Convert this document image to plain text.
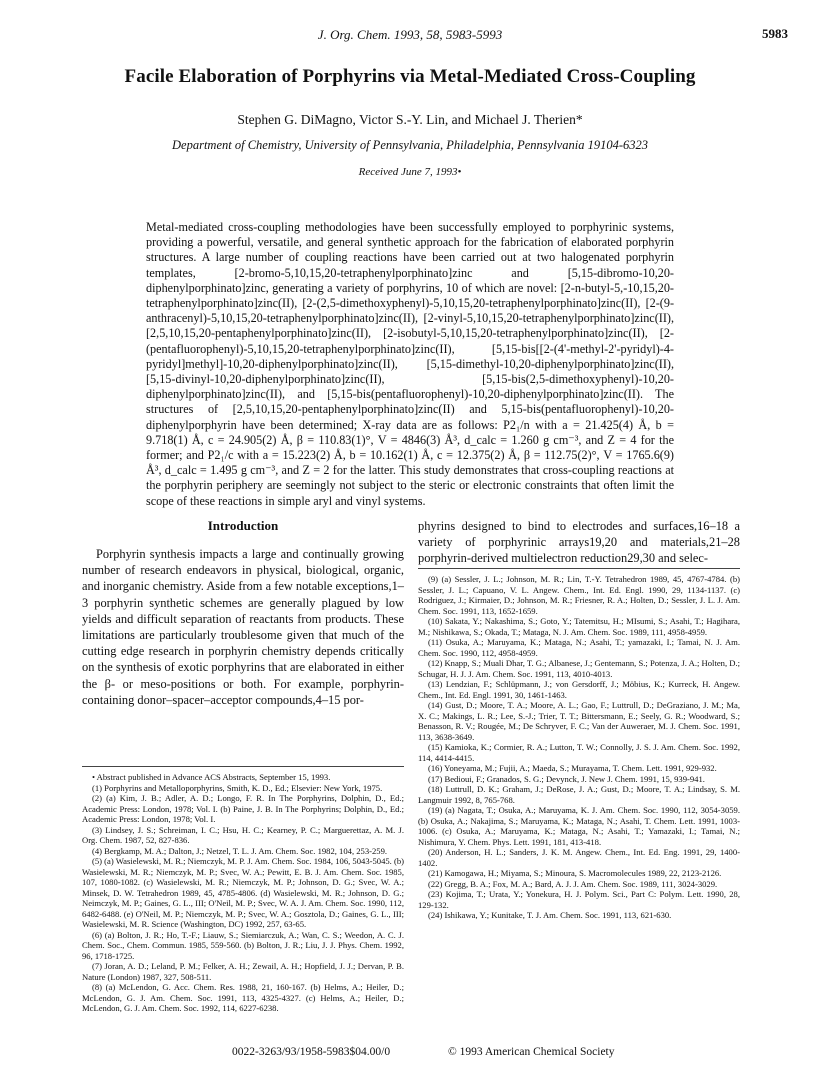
J. Org. Chem. 1993, 58, 5983-5993	5983
Facile Elaboration of Porphyrins via Metal-Mediated Cross-Coupling
Stephen G. DiMagno, Victor S.-Y. Lin, and Michael J. Therien*
Department of Chemistry, University of Pennsylvania, Philadelphia, Pennsylvania 19104-6323
Received June 7, 1993•
Metal-mediated cross-coupling methodologies have been successfully employed to porphyrinic systems, providing a powerful, versatile, and general synthetic approach for the fabrication of elaborated porphyrin structures. A large number of coupling reactions have been carried out at two halogenated porphyrin templates, [2-bromo-5,10,15,20-tetraphenylporphinato]zinc and [5,15-dibromo-10,20-diphenylporphinato]zinc, generating a variety of porphyrins, 10 of which are novel: [2-n-butyl-5,-10,15,20-tetraphenylporphinato]zinc(II), [2-(2,5-dimethoxyphenyl)-5,10,15,20-tetraphenylporphinato]zinc(II), [2-(9-anthracenyl)-5,10,15,20-tetraphenylporphinato]zinc(II), [2-vinyl-5,10,15,20-tetraphenylporphinato]zinc(II), [2,5,10,15,20-pentaphenylporphinato]zinc(II), [2-isobutyl-5,10,15,20-tetraphenylporphinato]zinc(II), [2-(pentafluorophenyl)-5,10,15,20-tetraphenylporphinato]zinc(II), [5,15-bis[[2-(4'-methyl-2'-pyridyl)-4-pyridyl]methyl]-10,20-diphenylporphinato]zinc(II), [5,15-dimethyl-10,20-diphenylporphinato]zinc(II), [5,15-divinyl-10,20-diphenylporphinato]zinc(II), [5,15-bis(2,5-dimethoxyphenyl)-10,20-diphenylporphinato]zinc(II), and [5,15-bis(pentafluorophenyl)-10,20-diphenylporphinato]zinc(II). The structures of [2,5,10,15,20-pentaphenylporphinato]zinc(II) and 5,15-bis(pentafluorophenyl)-10,20-diphenylporphyrin have been determined; X-ray data are as follows: P2₁/n with a = 21.425(4) Å, b = 9.718(1) Å, c = 24.905(2) Å, β = 110.83(1)°, V = 4846(3) Å³, d_calc = 1.260 g cm⁻³, and Z = 4 for the former; and P2₁/c with a = 15.223(2) Å, b = 10.162(1) Å, c = 12.375(2) Å, β = 112.75(2)°, V = 1765.6(9) Å³, d_calc = 1.495 g cm⁻³, and Z = 2 for the latter. This study demonstrates that cross-coupling reactions at the porphyrin periphery are seemingly not subject to the steric or electronic constraints that often limit the scope of these reactions in simple aryl and vinyl systems.
Introduction

Porphyrin synthesis impacts a large and continually growing number of research endeavors in physical, biological, organic, and inorganic chemistry. Aside from a few notable exceptions,1–3 porphyrin synthetic schemes are generally plagued by low yields and difficult separation of reactants from products. These limitations are particularly troublesome given that much of the cutting edge research in porphyrin chemistry depends critically on the synthesis of exotic porphyrins that are elaborated in either the β- or meso-positions or both. For example, porphyrin-containing donor–spacer–acceptor compounds,4–15 por-

• Abstract published in Advance ACS Abstracts, September 15, 1993.

(1) Porphyrins and Metalloporphyrins, Smith, K. D., Ed.; Elsevier: New York, 1975.

(2) (a) Kim, J. B.; Adler, A. D.; Longo, F. R. In The Porphyrins, Dolphin, D., Ed.; Academic Press: London, 1978; Vol. I. (b) Paine, J. B. In The Porphyrins; Dolphin, D., Ed.; Academic Press: London, 1978; Vol. I.

(3) Lindsey, J. S.; Schreiman, I. C.; Hsu, H. C.; Kearney, P. C.; Marguerettaz, A. M. J. Org. Chem. 1987, 52, 827-836.

(4) Bergkamp, M. A.; Dalton, J.; Netzel, T. L. J. Am. Chem. Soc. 1982, 104, 253-259.

(5) (a) Wasielewski, M. R.; Niemczyk, M. P. J. Am. Chem. Soc. 1984, 106, 5043-5045. (b) Wasielewski, M. R.; Niemczyk, M. P.; Svec, W. A.; Pewitt, E. B. J. Am. Chem. Soc. 1985, 107, 1080-1082. (c) Wasielewski, M. R.; Niemczyk, M. P.; Johnson, D. G.; Svec, W. A.; Minsek, D. W. Tetrahedron 1989, 45, 4785-4806. (d) Wasielewski, M. R.; Johnson, D. G.; Neimczyk, M. P.; Gaines, G. L., III; O'Neil, M. P.; Svec, W. A. J. Am. Chem. Soc. 1990, 112, 6482-6488. (e) O'Neil, M. P.; Niemczyk, M. P.; Svec, W. A.; Gosztola, D.; Gaines, G. L., III; Wasielewski, M. R. Science (Washington, DC) 1992, 257, 63-65.

(6) (a) Bolton, J. R.; Ho, T.-F.; Liauw, S.; Siemiarczuk, A.; Wan, C. S.; Weedon, A. C. J. Chem. Soc., Chem. Commun. 1985, 559-560. (b) Bolton, J. R.; Liu, J. J. Phys. Chem. 1992, 96, 1718-1725.

(7) Joran, A. D.; Leland, P. M.; Felker, A. H.; Zewail, A. H.; Hopfield, J. J.; Dervan, P. B. Nature (London) 1987, 327, 508-511.

(8) (a) McLendon, G. Acc. Chem. Res. 1988, 21, 160-167. (b) Helms, A.; Heiler, D.; McLendon, G. J. Am. Chem. Soc. 1991, 113, 4325-4327. (c) Helms, A.; Heiler, D.; McLendon, G. J. Am. Chem. Soc. 1992, 114, 6227-6238.

phyrins designed to bind to electrodes and surfaces,16–18 a variety of porphyrinic arrays19,20 and materials,21–28 porphyrin-derived multielectron reduction29,30 and selec-

(9) (a) Sessler, J. L.; Johnson, M. R.; Lin, T.-Y. Tetrahedron 1989, 45, 4767-4784. (b) Sessler, J. L.; Capuano, V. L. Angew. Chem., Int. Ed. Engl. 1990, 29, 1134-1137. (c) Rodriguez, J.; Kirmaier, D.; Johnson, M. R.; Friesner, R. A.; Holten, D.; Sessler, J. L. J. Am. Chem. Soc. 1991, 113, 1652-1659.

(10) Sakata, Y.; Nakashima, S.; Goto, Y.; Tatemitsu, H.; MIsumi, S.; Asahi, T.; Hagihara, M.; Nishikawa, S.; Okada, T.; Mataga, N. J. Am. Chem. Soc. 1989, 111, 4958-4959.

(11) Osuka, A.; Maruyama, K.; Mataga, N.; Asahi, T.; yamazaki, I.; Tamai, N. J. Am. Chem. Soc. 1990, 112, 4958-4959.

(12) Knapp, S.; Muali Dhar, T. G.; Albanese, J.; Gentemann, S.; Potenza, J. A.; Holten, D.; Schugar, H. J. J. Am. Chem. Soc. 1991, 113, 4010-4013.

(13) Lendzian, F.; Schlüpmann, J.; von Gersdorff, J.; Möbius, K.; Kurreck, H. Angew. Chem., Int. Ed. Engl. 1991, 30, 1461-1463.

(14) Gust, D.; Moore, T. A.; Moore, A. L.; Gao, F.; Luttrull, D.; DeGraziano, J. M.; Ma, X. C.; Makings, L. R.; Lee, S.-J.; Trier, T. T.; Bittersmann, E.; Seely, G. R.; Woodward, S.; Benasson, R. V.; Rougée, M.; De Schryver, F. C.; Van der Auweraer, M. J. Chem. Soc. 1991, 113, 3638-3649.

(15) Kamioka, K.; Cormier, R. A.; Lutton, T. W.; Connolly, J. S. J. Am. Chem. Soc. 1992, 114, 4414-4415.

(16) Yoneyama, M.; Fujii, A.; Maeda, S.; Murayama, T. Chem. Lett. 1991, 929-932.

(17) Bedioui, F.; Granados, S. G.; Devynck, J. New J. Chem. 1991, 15, 939-941.

(18) Luttrull, D. K.; Graham, J.; DeRose, J. A.; Gust, D.; Moore, T. A.; Lindsay, S. M. Langmuir 1992, 8, 765-768.

(19) (a) Nagata, T.; Osuka, A.; Maruyama, K. J. Am. Chem. Soc. 1990, 112, 3054-3059. (b) Osuka, A.; Nakajima, S.; Maruyama, K.; Mataga, N.; Asahi, T. Chem. Lett. 1991, 1003-1006. (c) Osuka, A.; Maruyama, K.; Mataga, N.; Asahi, T.; Yamazaki, I.; Tamai, N.; Nishimura, Y. Chem. Phys. Lett. 1991, 181, 413-418.

(20) Anderson, H. L.; Sanders, J. K. M. Angew. Chem., Int. Ed. Eng. 1991, 29, 1400-1402.

(21) Kamogawa, H.; Miyama, S.; Minoura, S. Macromolecules 1989, 22, 2123-2126.

(22) Gregg, B. A.; Fox, M. A.; Bard, A. J. J. Am. Chem. Soc. 1989, 111, 3024-3029.

(23) Kojima, T.; Urata, Y.; Yonekura, H. J. Polym. Sci., Part C: Polym. Lett. 1990, 28, 129-132.

(24) Ishikawa, Y.; Kunitake, T. J. Am. Chem. Soc. 1991, 113, 621-630.

0022-3263/93/1958-5983$04.00/0	© 1993 American Chemical Society
